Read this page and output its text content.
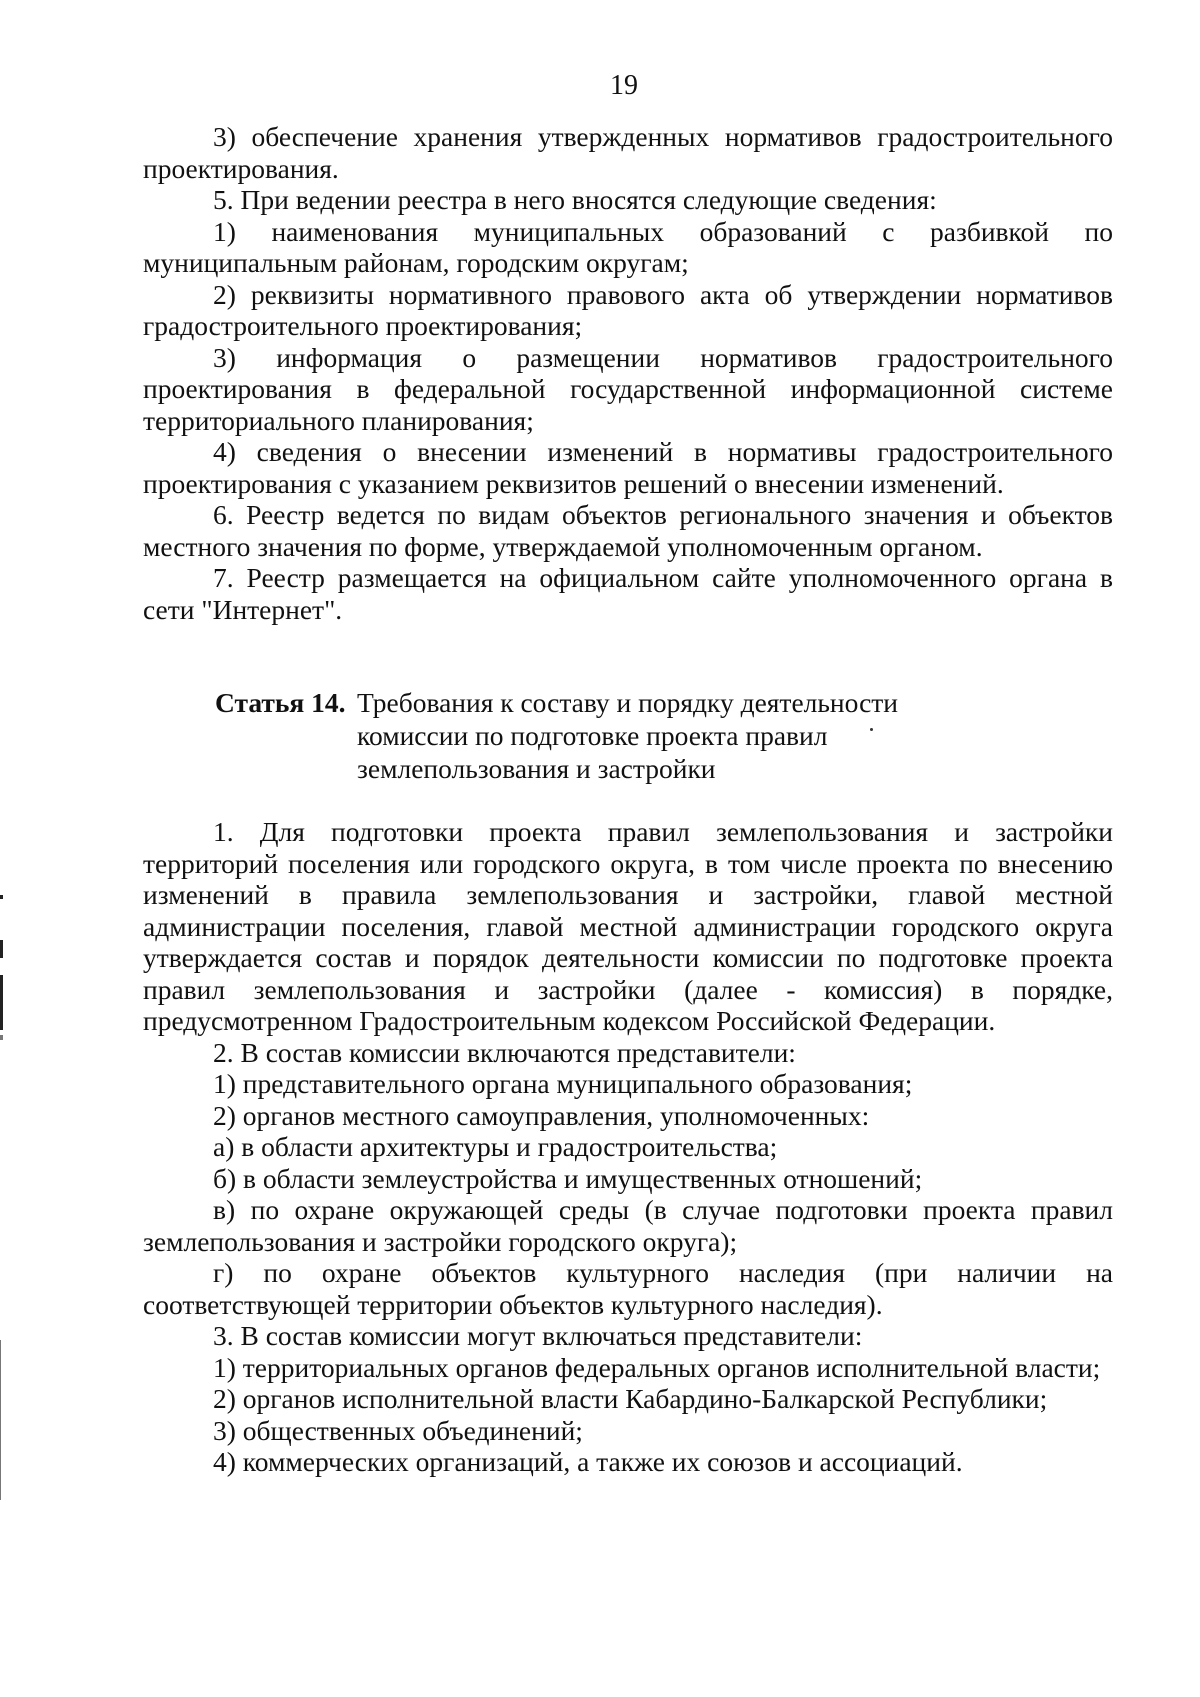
19

3) обеспечение хранения утвержденных нормативов градостроительного проектирования.

5. При ведении реестра в него вносятся следующие сведения:

1) наименования муниципальных образований с разбивкой по муниципальным районам, городским округам;

2) реквизиты нормативного правового акта об утверждении нормативов градостроительного проектирования;

3) информация о размещении нормативов градостроительного проектирования в федеральной государственной информационной системе территориального планирования;

4) сведения о внесении изменений в нормативы градостроительного проектирования с указанием реквизитов решений о внесении изменений.

6. Реестр ведется по видам объектов регионального значения и объектов местного значения по форме, утверждаемой уполномоченным органом.

7. Реестр размещается на официальном сайте уполномоченного органа в сети "Интернет".

Статья 14. Требования к составу и порядку деятельности комиссии по подготовке проекта правил землепользования и застройки

1. Для подготовки проекта правил землепользования и застройки территорий поселения или городского округа, в том числе проекта по внесению изменений в правила землепользования и застройки, главой местной администрации поселения, главой местной администрации городского округа утверждается состав и порядок деятельности комиссии по подготовке проекта правил землепользования и застройки (далее - комиссия) в порядке, предусмотренном Градостроительным кодексом Российской Федерации.

2. В состав комиссии включаются представители:

1) представительного органа муниципального образования;

2) органов местного самоуправления, уполномоченных:

а) в области архитектуры и градостроительства;

б) в области землеустройства и имущественных отношений;

в) по охране окружающей среды (в случае подготовки проекта правил землепользования и застройки городского округа);

г) по охране объектов культурного наследия (при наличии на соответствующей территории объектов культурного наследия).

3. В состав комиссии могут включаться представители:

1) территориальных органов федеральных органов исполнительной власти;

2) органов исполнительной власти Кабардино-Балкарской Республики;

3) общественных объединений;

4) коммерческих организаций, а также их союзов и ассоциаций.
